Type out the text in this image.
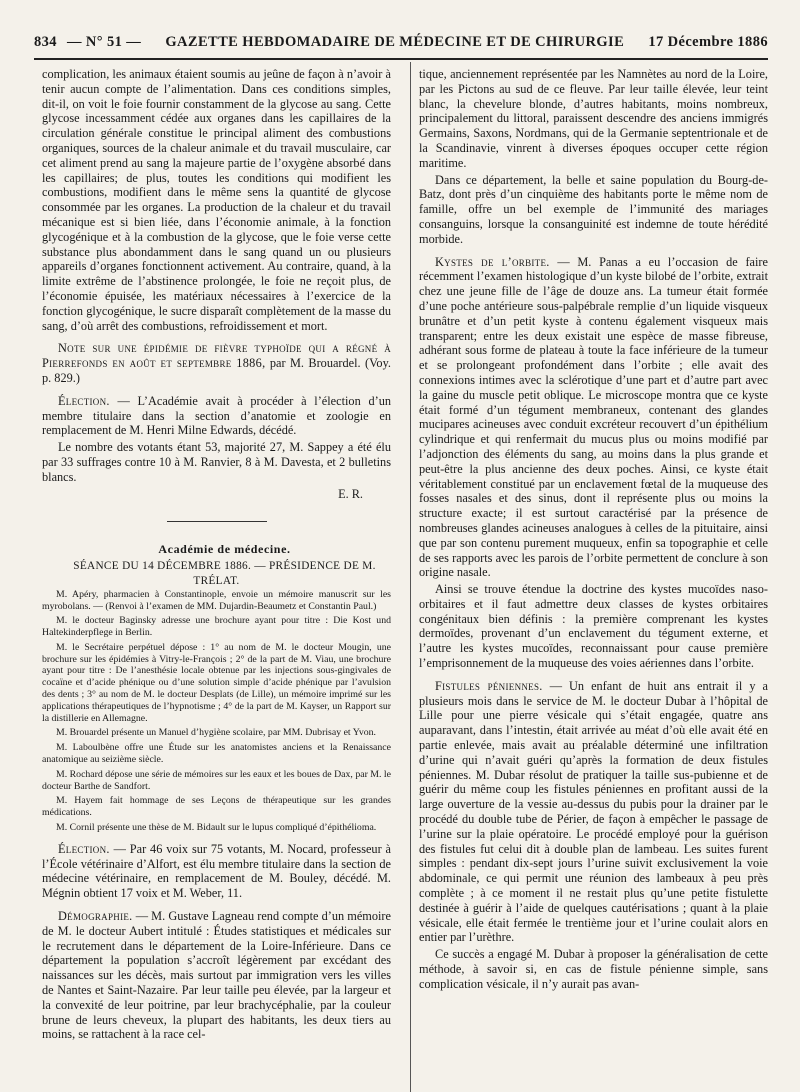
834 — N° 51 —	GAZETTE HEBDOMADAIRE DE MÉDECINE ET DE CHIRURGIE	17 Décembre 1886

complication, les animaux étaient soumis au jeûne de façon à n’avoir à tenir aucun compte de l’alimentation. Dans ces conditions simples, dit-il, on voit le foie fournir constamment de la glycose au sang. Cette glycose incessamment cédée aux organes dans les capillaires de la circulation générale constitue le principal aliment des combustions organiques, sources de la chaleur animale et du travail musculaire, car cet aliment prend au sang la majeure partie de l’oxygène absorbé dans les capillaires; de plus, toutes les conditions qui modifient les combustions, modifient dans le même sens la quantité de glycose consommée par les organes. La production de la chaleur et du travail mécanique est si bien liée, dans l’économie animale, à la fonction glycogénique et à la combustion de la glycose, que le foie verse cette substance plus abondamment dans le sang quand un ou plusieurs appareils d’organes fonctionnent activement. Au contraire, quand, à la limite extrême de l’abstinence prolongée, le foie ne reçoit plus, de l’économie épuisée, les matériaux nécessaires à l’exercice de la fonction glycogénique, le sucre disparaît complètement de la masse du sang, d’où arrêt des combustions, refroidissement et mort.

Note sur une épidémie de fièvre typhoïde qui a régné à Pierrefonds en août et septembre 1886, par M. Brouardel. (Voy. p. 829.)

Élection. — L’Académie avait à procéder à l’élection d’un membre titulaire dans la section d’anatomie et zoologie en remplacement de M. Henri Milne Edwards, décédé.

Le nombre des votants étant 53, majorité 27, M. Sappey a été élu par 33 suffrages contre 10 à M. Ranvier, 8 à M. Davesta, et 2 bulletins blancs.

E. R.

Académie de médecine.

SÉANCE DU 14 DÉCEMBRE 1886. — PRÉSIDENCE DE M. TRÉLAT.

M. Apéry, pharmacien à Constantinople, envoie un mémoire manuscrit sur les myrobolans. — (Renvoi à l’examen de MM. Dujardin-Beaumetz et Constantin Paul.)

M. le docteur Baginsky adresse une brochure ayant pour titre : Die Kost und Haltekinderpflege in Berlin.

M. le Secrétaire perpétuel dépose : 1° au nom de M. le docteur Mougin, une brochure sur les épidémies à Vitry-le-François ; 2° de la part de M. Viau, une brochure ayant pour titre : De l’anesthésie locale obtenue par les injections sous-gingivales de cocaïne et d’acide phénique ou d’une solution simple d’acide phénique par l’avulsion des dents ; 3° au nom de M. le docteur Desplats (de Lille), un mémoire imprimé sur les applications thérapeutiques de l’hypnotisme ; 4° de la part de M. Kayser, un Rapport sur la distillerie en Allemagne.

M. Brouardel présente un Manuel d’hygiène scolaire, par MM. Dubrisay et Yvon.

M. Laboulbène offre une Étude sur les anatomistes anciens et la Renaissance anatomique au seizième siècle.

M. Rochard dépose une série de mémoires sur les eaux et les boues de Dax, par M. le docteur Barthe de Sandfort.

M. Hayem fait hommage de ses Leçons de thérapeutique sur les grandes médications.

M. Cornil présente une thèse de M. Bidault sur le lupus compliqué d’épithélioma.

Élection. — Par 46 voix sur 75 votants, M. Nocard, professeur à l’École vétérinaire d’Alfort, est élu membre titulaire dans la section de médecine vétérinaire, en remplacement de M. Bouley, décédé. M. Mégnin obtient 17 voix et M. Weber, 11.

Démographie. — M. Gustave Lagneau rend compte d’un mémoire de M. le docteur Aubert intitulé : Études statistiques et médicales sur le recrutement dans le département de la Loire-Inférieure. Dans ce département la population s’accroît légèrement par excédant des naissances sur les décès, mais surtout par immigration vers les villes de Nantes et Saint-Nazaire. Par leur taille peu élevée, par la largeur et la convexité de leur poitrine, par leur brachycéphalie, par la couleur brune de leurs cheveux, la plupart des habitants, les deux tiers au moins, se rattachent à la race cel-

tique, anciennement représentée par les Namnètes au nord de la Loire, par les Pictons au sud de ce fleuve. Par leur taille élevée, leur teint blanc, la chevelure blonde, d’autres habitants, moins nombreux, principalement du littoral, paraissent descendre des anciens immigrés Germains, Saxons, Nordmans, qui de la Germanie septentrionale et de la Scandinavie, vinrent à diverses époques occuper cette région maritime.

Dans ce département, la belle et saine population du Bourg-de-Batz, dont près d’un cinquième des habitants porte le même nom de famille, offre un bel exemple de l’immunité des mariages consanguins, lorsque la consanguinité est indemne de toute hérédité morbide.

Kystes de l’orbite. — M. Panas a eu l’occasion de faire récemment l’examen histologique d’un kyste bilobé de l’orbite, extrait chez une jeune fille de l’âge de douze ans. La tumeur était formée d’une poche antérieure sous-palpébrale remplie d’un liquide visqueux brunâtre et d’un petit kyste à contenu également visqueux mais transparent; entre les deux existait une espèce de masse fibreuse, adhérant sous forme de plateau à toute la face inférieure de la tumeur et se prolongeant profondément dans l’orbite ; elle avait des connexions intimes avec la sclérotique d’une part et d’autre part avec la gaine du muscle petit oblique. Le microscope montra que ce kyste était formé d’un tégument membraneux, contenant des glandes mucipares acineuses avec conduit excréteur recouvert d’un épithélium cylindrique et qui renfermait du mucus plus ou moins modifié par l’adjonction des éléments du sang, au moins dans la plus grande et peut-être la plus ancienne des deux poches. Ainsi, ce kyste était véritablement constitué par un enclavement fœtal de la muqueuse des fosses nasales et des sinus, dont il représente plus ou moins la structure exacte; il est surtout caractérisé par la présence de nombreuses glandes acineuses analogues à celles de la pituitaire, ainsi que par son contenu purement muqueux, enfin sa topographie et celle de ses rapports avec les parois de l’orbite permettent de conclure à son origine nasale.

Ainsi se trouve étendue la doctrine des kystes mucoïdes naso-orbitaires et il faut admettre deux classes de kystes orbitaires congénitaux bien définis : la première comprenant les kystes dermoïdes, provenant d’un enclavement du tégument externe, et l’autre les kystes mucoïdes, reconnaissant pour cause première l’emprisonnement de la muqueuse des voies aériennes dans l’orbite.

Fistules péniennes. — Un enfant de huit ans entrait il y a plusieurs mois dans le service de M. le docteur Dubar à l’hôpital de Lille pour une pierre vésicale qui s’était engagée, quatre ans auparavant, dans l’intestin, était arrivée au méat d’où elle avait été en partie enlevée, mais avait au préalable déterminé une infiltration d’urine qui n’avait guéri qu’après la formation de deux fistules péniennes. M. Dubar résolut de pratiquer la taille sus-pubienne et de guérir du même coup les fistules péniennes en profitant aussi de la large ouverture de la vessie au-dessus du pubis pour la drainer par le procédé du double tube de Périer, de façon à empêcher le passage de l’urine sur la plaie opératoire. Le procédé employé pour la guérison des fistules fut celui dit à double plan de lambeau. Les suites furent simples : pendant dix-sept jours l’urine suivit exclusivement la voie abdominale, ce qui permit une réunion des lambeaux à peu près complète ; à ce moment il ne restait plus qu’une petite fistulette destinée à guérir à l’aide de quelques cautérisations ; quant à la plaie vésicale, elle était fermée le trentième jour et l’urine coulait alors en entier par l’urèthre.

Ce succès a engagé M. Dubar à proposer la généralisation de cette méthode, à savoir si, en cas de fistule pénienne simple, sans complication vésicale, il n’y aurait pas avan-
